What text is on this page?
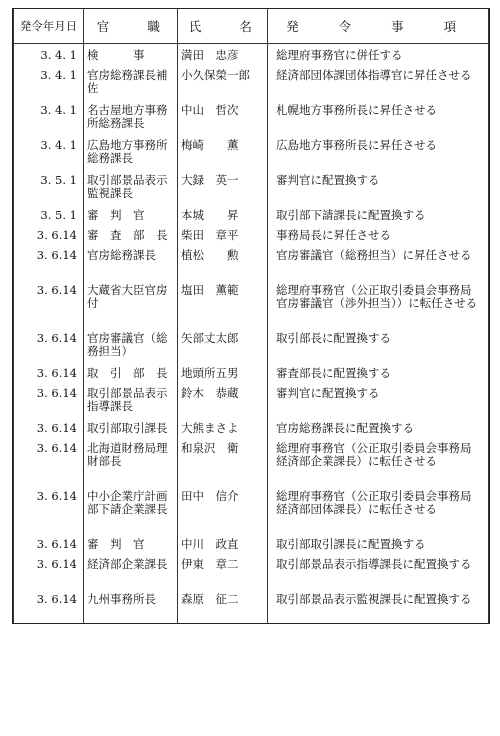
発令年月日	官　　職	氏　　名	発　令　事　項
3. 4. 1	検　　　事	満田　忠彦	総理府事務官に併任する
3. 4. 1	官房総務課長補佐	小久保榮一郎	経済部団体課団体指導官に昇任させる
3. 4. 1	名古屋地方事務所総務課長	中山　哲次	札幌地方事務所長に昇任させる
3. 4. 1	広島地方事務所総務課長	梅崎　　薫	広島地方事務所長に昇任させる
3. 5. 1	取引部景品表示監視課長	大録　英一	審判官に配置換する
3. 5. 1	審　判　官	本城　　昇	取引部下請課長に配置換する
3. 6.14	審　査　部　長	柴田　章平	事務局長に昇任させる
3. 6.14	官房総務課長	植松　　勲	官房審議官（総務担当）に昇任させる
3. 6.14	大蔵省大臣官房付	塩田　薫範	総理府事務官（公正取引委員会事務局官房審議官（渉外担当））に転任させる
3. 6.14	官房審議官（総務担当）	矢部丈太郎	取引部長に配置換する
3. 6.14	取　引　部　長	地頭所五男	審査部長に配置換する
3. 6.14	取引部景品表示指導課長	鈴木　恭蔵	審判官に配置換する
3. 6.14	取引部取引課長	大熊まさよ	官房総務課長に配置換する
3. 6.14	北海道財務局理財部長	和泉沢　衛	総理府事務官（公正取引委員会事務局経済部企業課長）に転任させる
3. 6.14	中小企業庁計画部下請企業課長	田中　信介	総理府事務官（公正取引委員会事務局経済部団体課長）に転任させる
3. 6.14	審　判　官	中川　政直	取引部取引課長に配置換する
3. 6.14	経済部企業課長	伊東　章二	取引部景品表示指導課長に配置換する
3. 6.14	九州事務所長	森原　征二	取引部景品表示監視課長に配置換する
